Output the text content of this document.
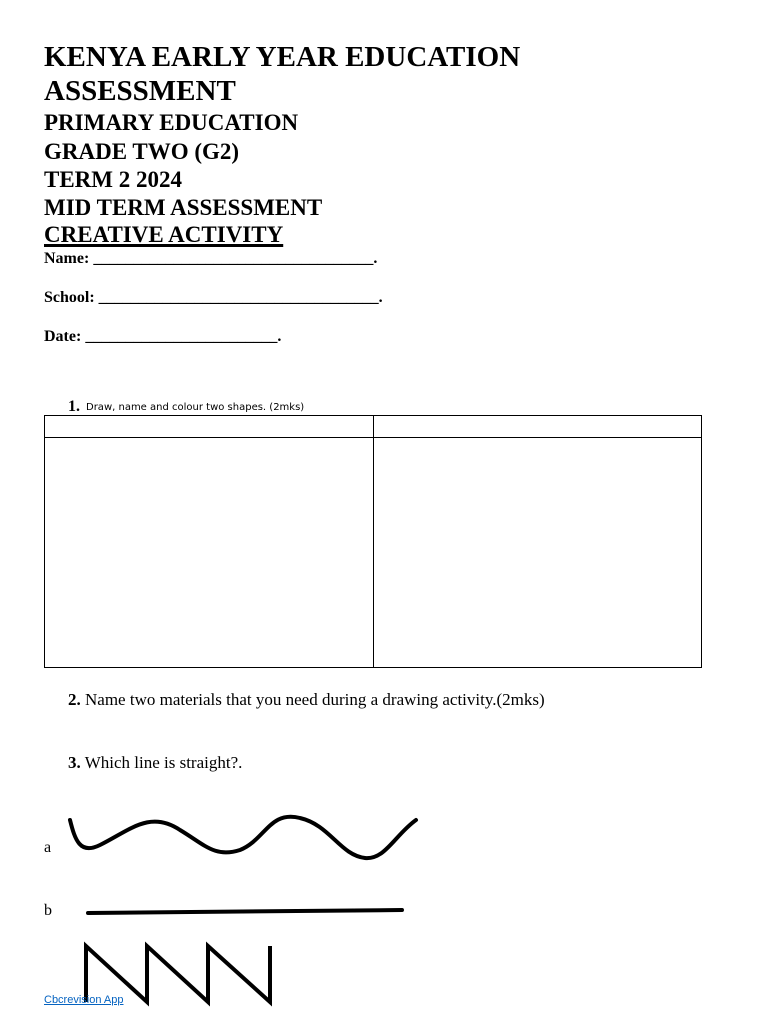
KENYA EARLY YEAR EDUCATION
ASSESSMENT
PRIMARY EDUCATION
GRADE TWO (G2)
TERM 2 2024
MID TERM ASSESSMENT
CREATIVE ACTIVITY
Name: ___________________________________.
School: ___________________________________.
Date: ________________________.
1. Draw, name and colour two shapes. (2mks)

2. Name two materials that you need during a drawing activity.(2mks)
3. Which line is straight?.
a
b
Cbcrevision App
